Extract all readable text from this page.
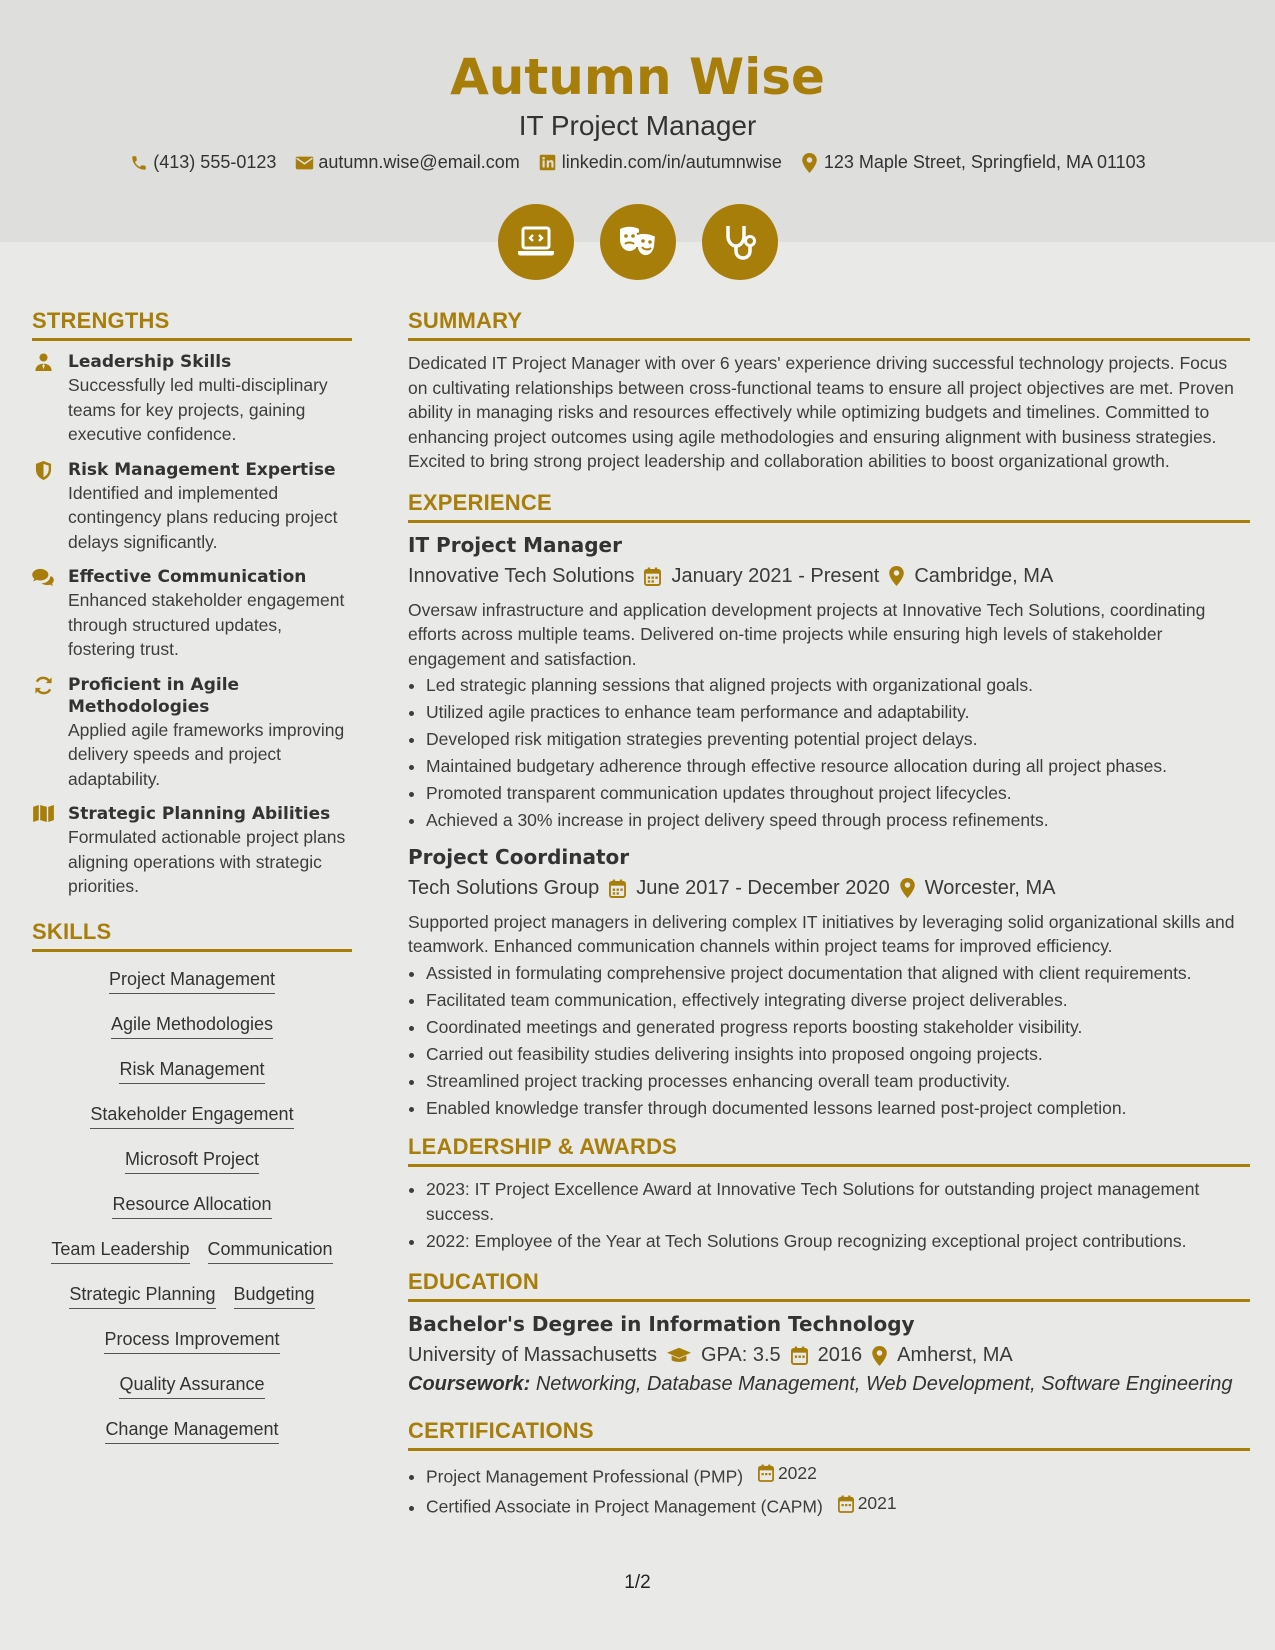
Autumn Wise
IT Project Manager
(413) 555-0123 autumn.wise@email.com linkedin.com/in/autumnwise 123 Maple Street, Springfield, MA 01103
STRENGTHS
Leadership Skills
Successfully led multi-disciplinary teams for key projects, gaining executive confidence.
Risk Management Expertise
Identified and implemented contingency plans reducing project delays significantly.
Effective Communication
Enhanced stakeholder engagement through structured updates, fostering trust.
Proficient in Agile Methodologies
Applied agile frameworks improving delivery speeds and project adaptability.
Strategic Planning Abilities
Formulated actionable project plans aligning operations with strategic priorities.
SKILLS
Project Management
Agile Methodologies
Risk Management
Stakeholder Engagement
Microsoft Project
Resource Allocation
Team Leadership Communication
Strategic Planning Budgeting
Process Improvement
Quality Assurance
Change Management
SUMMARY
Dedicated IT Project Manager with over 6 years' experience driving successful technology projects. Focus on cultivating relationships between cross-functional teams to ensure all project objectives are met. Proven ability in managing risks and resources effectively while optimizing budgets and timelines. Committed to enhancing project outcomes using agile methodologies and ensuring alignment with business strategies. Excited to bring strong project leadership and collaboration abilities to boost organizational growth.
EXPERIENCE
IT Project Manager
Innovative Tech Solutions January 2021 - Present Cambridge, MA
Oversaw infrastructure and application development projects at Innovative Tech Solutions, coordinating efforts across multiple teams. Delivered on-time projects while ensuring high levels of stakeholder engagement and satisfaction.
• Led strategic planning sessions that aligned projects with organizational goals.
• Utilized agile practices to enhance team performance and adaptability.
• Developed risk mitigation strategies preventing potential project delays.
• Maintained budgetary adherence through effective resource allocation during all project phases.
• Promoted transparent communication updates throughout project lifecycles.
• Achieved a 30% increase in project delivery speed through process refinements.
Project Coordinator
Tech Solutions Group June 2017 - December 2020 Worcester, MA
Supported project managers in delivering complex IT initiatives by leveraging solid organizational skills and teamwork. Enhanced communication channels within project teams for improved efficiency.
• Assisted in formulating comprehensive project documentation that aligned with client requirements.
• Facilitated team communication, effectively integrating diverse project deliverables.
• Coordinated meetings and generated progress reports boosting stakeholder visibility.
• Carried out feasibility studies delivering insights into proposed ongoing projects.
• Streamlined project tracking processes enhancing overall team productivity.
• Enabled knowledge transfer through documented lessons learned post-project completion.
LEADERSHIP & AWARDS
• 2023: IT Project Excellence Award at Innovative Tech Solutions for outstanding project management success.
• 2022: Employee of the Year at Tech Solutions Group recognizing exceptional project contributions.
EDUCATION
Bachelor's Degree in Information Technology
University of Massachusetts GPA: 3.5 2016 Amherst, MA
Coursework: Networking, Database Management, Web Development, Software Engineering
CERTIFICATIONS
• Project Management Professional (PMP) 2022
• Certified Associate in Project Management (CAPM) 2021
1/2
